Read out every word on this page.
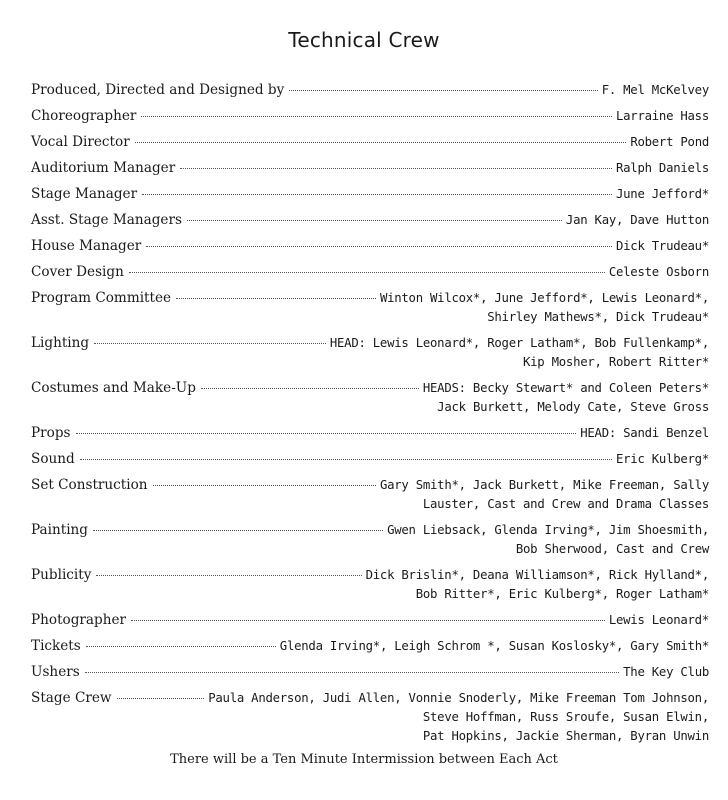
Technical Crew
Produced, Directed and Designed by	F. Mel McKelvey
Choreographer	Larraine Hass
Vocal Director	Robert Pond
Auditorium Manager	Ralph Daniels
Stage Manager	June Jefford*
Asst. Stage Managers	Jan Kay, Dave Hutton
House Manager	Dick Trudeau*
Cover Design	Celeste Osborn
Program Committee	Winton Wilcox*, June Jefford*, Lewis Leonard*,
Shirley Mathews*, Dick Trudeau*
Lighting	HEAD: Lewis Leonard*, Roger Latham*, Bob Fullenkamp*,
Kip Mosher, Robert Ritter*
Costumes and Make-Up	HEADS: Becky Stewart* and Coleen Peters*
Jack Burkett, Melody Cate, Steve Gross
Props	HEAD: Sandi Benzel
Sound	Eric Kulberg*
Set Construction	Gary Smith*, Jack Burkett, Mike Freeman, Sally
Lauster, Cast and Crew and Drama Classes
Painting	Gwen Liebsack, Glenda Irving*, Jim Shoesmith,
Bob Sherwood, Cast and Crew
Publicity	Dick Brislin*, Deana Williamson*, Rick Hylland*,
Bob Ritter*, Eric Kulberg*, Roger Latham*
Photographer	Lewis Leonard*
Tickets	Glenda Irving*, Leigh Schrom *, Susan Koslosky*, Gary Smith*
Ushers	The Key Club
Stage Crew	Paula Anderson, Judi Allen, Vonnie Snoderly, Mike Freeman Tom Johnson,
Steve Hoffman, Russ Sroufe, Susan Elwin,
Pat Hopkins, Jackie Sherman, Byran Unwin
There will be a Ten Minute Intermission between Each Act
